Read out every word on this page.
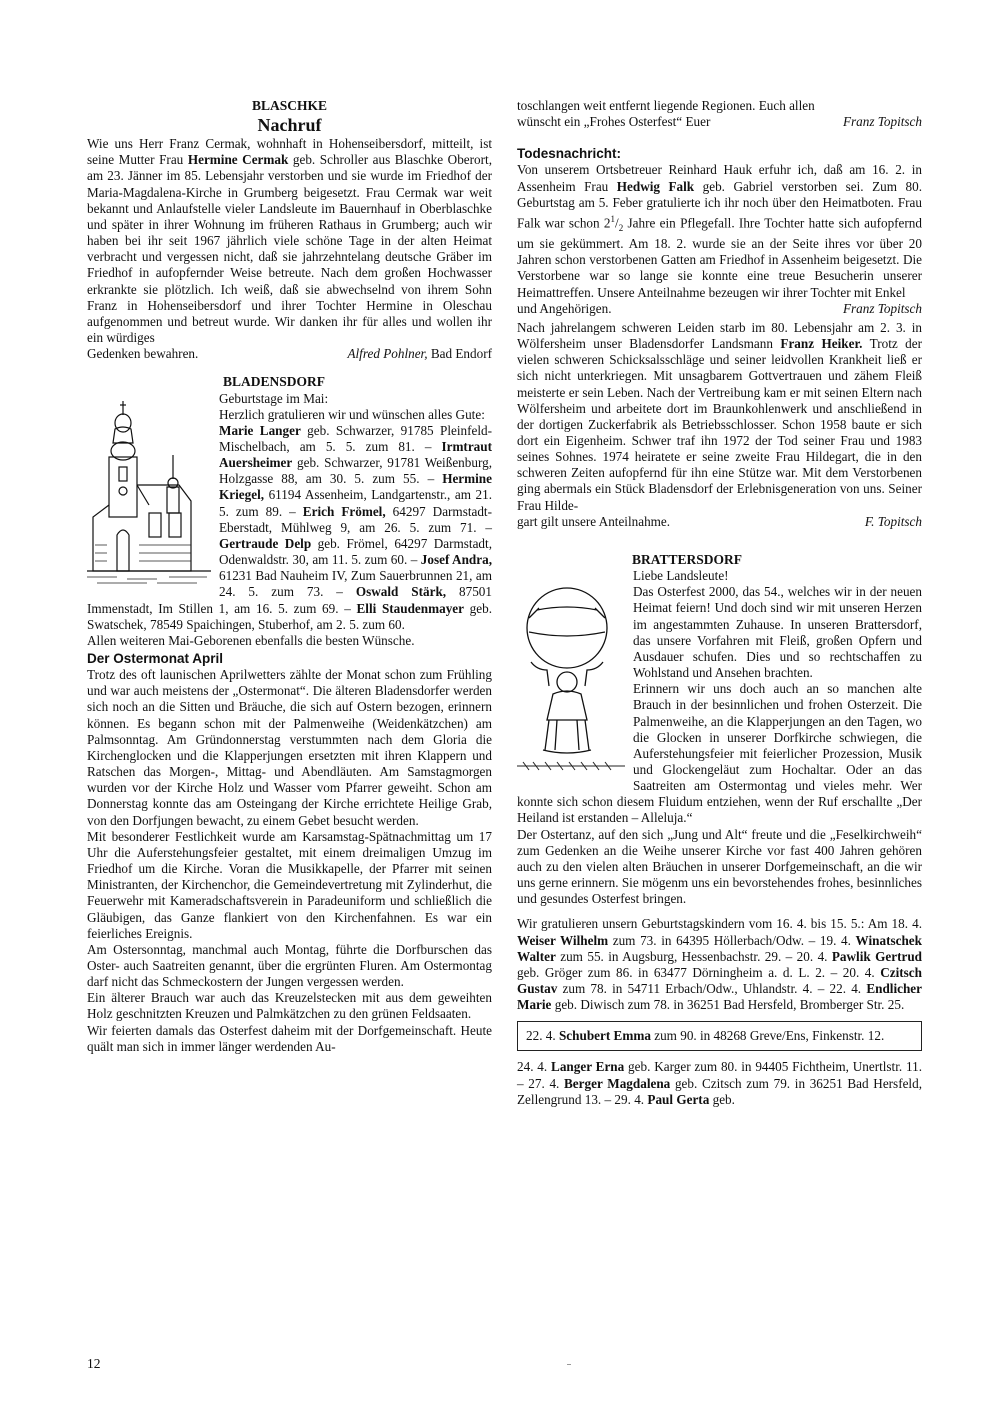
BLASCHKE

Nachruf

Wie uns Herr Franz Cermak, wohnhaft in Hohenseibersdorf, mitteilt, ist seine Mutter Frau Hermine Cermak geb. Schroller aus Blaschke Oberort, am 23. Jänner im 85. Lebensjahr verstorben und sie wurde im Friedhof der Maria-Magdalena-Kirche in Grumberg beigesetzt. Frau Cermak war weit bekannt und Anlaufstelle vieler Landsleute im Bauernhauf in Oberblaschke und später in ihrer Wohnung im früheren Rathaus in Grumberg; auch wir haben bei ihr seit 1967 jährlich viele schöne Tage in der alten Heimat verbracht und vergessen nicht, daß sie jahrzehntelang deutsche Gräber im Friedhof in aufopfernder Weise betreute. Nach dem großen Hochwasser erkrankte sie plötzlich. Ich weiß, daß sie abwechselnd von ihrem Sohn Franz in Hohenseibersdorf und ihrer Tochter Hermine in Oleschau aufgenommen und betreut wurde. Wir danken ihr für alles und wollen ihr ein würdiges

Gedenken bewahren.	Alfred Pohlner, Bad Endorf

BLADENSDORF

Geburtstage im Mai:

Herzlich gratulieren wir und wünschen alles Gute:

Marie Langer geb. Schwarzer, 91785 Pleinfeld-Mischelbach, am 5. 5. zum 81. – Irmtraut Auersheimer geb. Schwarzer, 91781 Weißenburg, Holzgasse 88, am 30. 5. zum 55. – Hermine Kriegel, 61194 Assenheim, Landgartenstr., am 21. 5. zum 89. – Erich Frömel, 64297 Darmstadt-Eberstadt, Mühlweg 9, am 26. 5. zum 71. – Gertraude Delp geb. Frömel, 64297 Darmstadt, Odenwaldstr. 30, am 11. 5. zum 60. – Josef Andra, 61231 Bad Nauheim IV, Zum Sauerbrunnen 21, am 24. 5. zum 73. – Oswald Stärk, 87501 Immenstadt, Im Stillen 1, am 16. 5. zum 69. – Elli Staudenmayer geb. Swatschek, 78549 Spaichingen, Stuberhof, am 2. 5. zum 60.

Allen weiteren Mai-Geborenen ebenfalls die besten Wünsche.

Der Ostermonat April

Trotz des oft launischen Aprilwetters zählte der Monat schon zum Frühling und war auch meistens der „Ostermonat“. Die älteren Bladensdorfer werden sich noch an die Sitten und Bräuche, die sich auf Ostern bezogen, erinnern können. Es begann schon mit der Palmenweihe (Weidenkätzchen) am Palmsonntag. Am Gründonnerstag verstummten nach dem Gloria die Kirchenglocken und die Klapperjungen ersetzten mit ihren Klappern und Ratschen das Morgen-, Mittag- und Abendläuten. Am Samstagmorgen wurden vor der Kirche Holz und Wasser vom Pfarrer geweiht. Schon am Donnerstag konnte das am Osteingang der Kirche errichtete Heilige Grab, von den Dorfjungen bewacht, zu einem Gebet besucht werden.

Mit besonderer Festlichkeit wurde am Karsamstag-Spätnachmittag um 17 Uhr die Auferstehungsfeier gestaltet, mit einem dreimaligen Umzug im Friedhof um die Kirche. Voran die Musikkapelle, der Pfarrer mit seinen Ministranten, der Kirchenchor, die Gemeindevertretung mit Zylinderhut, die Feuerwehr mit Kameradschaftsverein in Paradeuniform und schließlich die Gläubigen, das Ganze flankiert von den Kirchenfahnen. Es war ein feierliches Ereignis.

Am Ostersonntag, manchmal auch Montag, führte die Dorfburschen das Oster- auch Saatreiten genannt, über die ergrünten Fluren. Am Ostermontag darf nicht das Schmeckostern der Jungen vergessen werden.

Ein älterer Brauch war auch das Kreuzelstecken mit aus dem geweihten Holz geschnitzten Kreuzen und Palmkätzchen zu den grünen Feldsaaten.

Wir feierten damals das Osterfest daheim mit der Dorfgemeinschaft. Heute quält man sich in immer länger werdenden Au-

toschlangen weit entfernt liegende Regionen. Euch allen

wünscht ein „Frohes Osterfest“ Euer	Franz Topitsch

Todesnachricht:

Von unserem Ortsbetreuer Reinhard Hauk erfuhr ich, daß am 16. 2. in Assenheim Frau Hedwig Falk geb. Gabriel verstorben sei. Zum 80. Geburtstag am 5. Feber gratulierte ich ihr noch über den Heimatboten. Frau Falk war schon $2^1/_2$ Jahre ein Pflegefall. Ihre Tochter hatte sich aufopfernd um sie gekümmert. Am 18. 2. wurde sie an der Seite ihres vor über 20 Jahren schon verstorbenen Gatten am Friedhof in Assenheim beigesetzt. Die Verstorbene war so lange sie konnte eine treue Besucherin unserer Heimattreffen. Unsere Anteilnahme bezeugen wir ihrer Tochter mit Enkel

und Angehörigen.	Franz Topitsch

Nach jahrelangem schweren Leiden starb im 80. Lebensjahr am 2. 3. in Wölfersheim unser Bladensdorfer Landsmann Franz Heiker. Trotz der vielen schweren Schicksalsschläge und seiner leidvollen Krankheit ließ er sich nicht unterkriegen. Mit unsagbarem Gottvertrauen und zähem Fleiß meisterte er sein Leben. Nach der Vertreibung kam er mit seinen Eltern nach Wölfersheim und arbeitete dort im Braunkohlenwerk und anschließend in der dortigen Zuckerfabrik als Betriebsschlosser. Schon 1958 baute er sich dort ein Eigenheim. Schwer traf ihn 1972 der Tod seiner Frau und 1983 seines Sohnes. 1974 heiratete er seine zweite Frau Hildegart, die in den schweren Zeiten aufopfernd für ihn eine Stütze war. Mit dem Verstorbenen ging abermals ein Stück Bladensdorf der Erlebnisgeneration von uns. Seiner Frau Hilde-

gart gilt unsere Anteilnahme.	F. Topitsch

BRATTERSDORF

Liebe Landsleute!

Das Osterfest 2000, das 54., welches wir in der neuen Heimat feiern! Und doch sind wir mit unseren Herzen im angestammten Zuhause. In unseren Brattersdorf, das unsere Vorfahren mit Fleiß, großen Opfern und Ausdauer schufen. Dies und so rechtschaffen zu Wohlstand und Ansehen brachten.

Erinnern wir uns doch auch an so manchen alte Brauch in der besinnlichen und frohen Osterzeit. Die Palmenweihe, an die Klapperjungen an den Tagen, wo die Glocken in unserer Dorfkirche schwiegen, die Auferstehungsfeier mit feierlicher Prozession, Musik und Glockengeläut zum Hochaltar. Oder an das Saatreiten am Ostermontag und vieles mehr. Wer konnte sich schon diesem Fluidum entziehen, wenn der Ruf erschallte „Der Heiland ist erstanden – Alleluja.“

Der Ostertanz, auf den sich „Jung und Alt“ freute und die „Feselkirchweih“ zum Gedenken an die Weihe unserer Kirche vor fast 400 Jahren gehören auch zu den vielen alten Bräuchen in unserer Dorfgemeinschaft, an die wir uns gerne erinnern. Sie mögenm uns ein bevorstehendes frohes, besinnliches und gesundes Osterfest bringen.

Wir gratulieren unsern Geburtstagskindern vom 16. 4. bis 15. 5.: Am 18. 4. Weiser Wilhelm zum 73. in 64395 Höllerbach/Odw. – 19. 4. Winatschek Walter zum 55. in Augsburg, Hessenbachstr. 29. – 20. 4. Pawlik Gertrud geb. Gröger zum 86. in 63477 Dörningheim a. d. L. 2. – 20. 4. Czitsch Gustav zum 78. in 54711 Erbach/Odw., Uhlandstr. 4. – 22. 4. Endlicher Marie geb. Diwisch zum 78. in 36251 Bad Hersfeld, Bromberger Str. 25.

22. 4. Schubert Emma zum 90. in 48268 Greve/Ens, Finkenstr. 12.

24. 4. Langer Erna geb. Karger zum 80. in 94405 Fichtheim, Unertlstr. 11. – 27. 4. Berger Magdalena geb. Czitsch zum 79. in 36251 Bad Hersfeld, Zellengrund 13. – 29. 4. Paul Gerta geb.

12
